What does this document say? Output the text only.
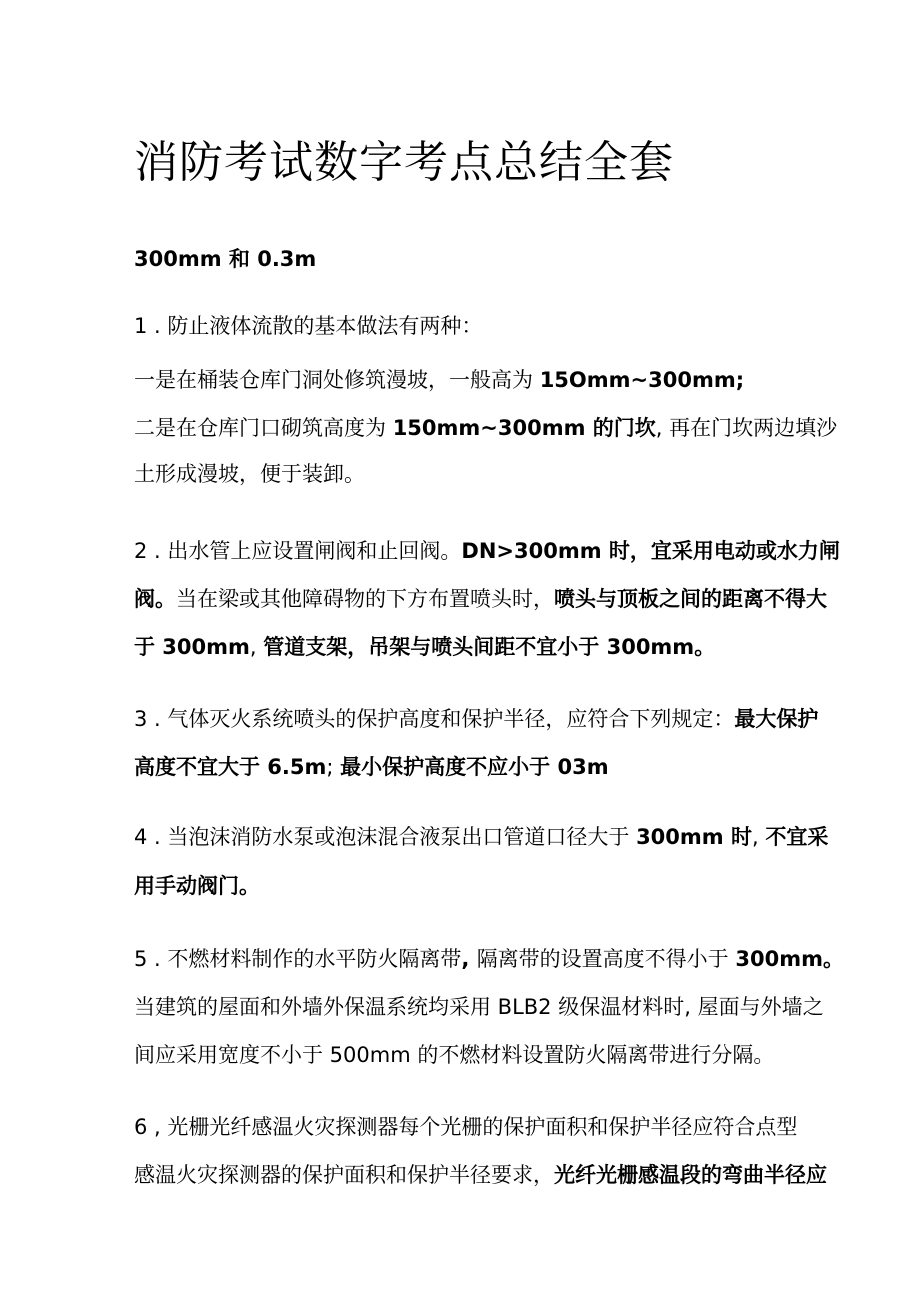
消防考试数字考点总结全套

300mm 和 0.3m

1 . 防止液体流散的基本做法有两种：

一是在桶装仓库门洞处修筑漫坡，一般高为 15Omm~300mm;

二是在仓库门口砌筑高度为 150mm~300mm 的门坎, 再在门坎两边填沙

土形成漫坡，便于装卸。

2 . 出水管上应设置闸阀和止回阀。DN>300mm 时，宜采用电动或水力闸

阀。当在梁或其他障碍物的下方布置喷头时，喷头与顶板之间的距离不得大

于 300mm, 管道支架，吊架与喷头间距不宜小于 300mm。

3 . 气体灭火系统喷头的保护高度和保护半径，应符合下列规定：最大保护

高度不宜大于 6.5m; 最小保护高度不应小于 03m

4 . 当泡沫消防水泵或泡沫混合液泵出口管道口径大于 300mm 时, 不宜采

用手动阀门。

5 . 不燃材料制作的水平防火隔离带, 隔离带的设置高度不得小于 300mm。

当建筑的屋面和外墙外保温系统均采用 BLB2 级保温材料时, 屋面与外墙之

间应采用宽度不小于 500mm 的不燃材料设置防火隔离带进行分隔。

6 , 光栅光纤感温火灾探测器每个光栅的保护面积和保护半径应符合点型

感温火灾探测器的保护面积和保护半径要求，光纤光栅感温段的弯曲半径应
